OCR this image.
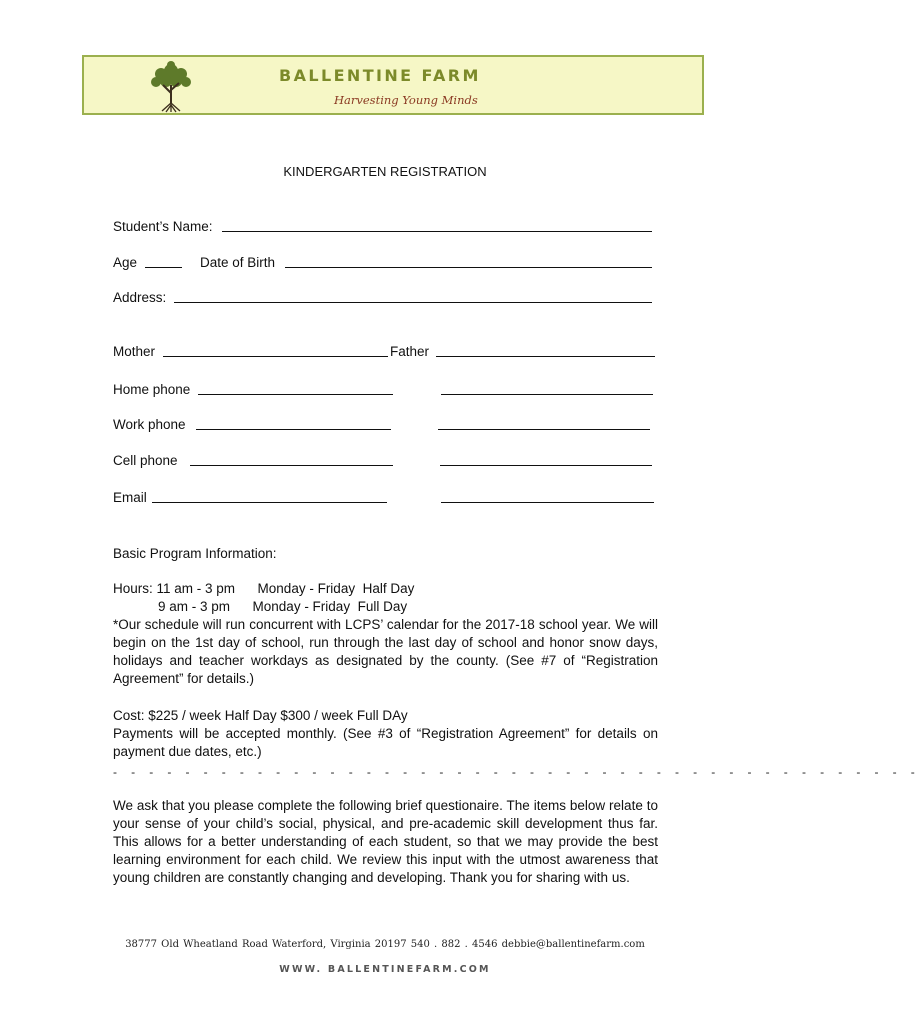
BALLENTINE FARM
Harvesting Young Minds
KINDERGARTEN REGISTRATION
Student’s Name:
Age	Date of Birth
Address:
Mother	Father
Home phone
Work phone
Cell phone
Email
Basic Program Information:
Hours: 11 am - 3 pm      Monday - Friday  Half Day
9 am - 3 pm      Monday - Friday  Full Day
*Our schedule will run concurrent with LCPS’ calendar for the 2017-18 school year. We will begin on the 1st day of school, run through the last day of school and honor snow days, holidays and teacher workdays as designated by the county. (See #7 of “Registration Agreement” for details.)
Cost: $225 / week Half Day $300 / week Full DAy
Payments will be accepted monthly. (See #3 of “Registration Agreement” for details on payment due dates, etc.)
- - - - - - - - - - - - - - - - - - - - - - - - - - - - - - - - - - - - - - - - - - - - -
We ask that you please complete the following brief questionaire. The items below relate to your sense of your child’s social, physical, and pre-academic skill development thus far. This allows for a better understanding of each student, so that we may provide the best learning environment for each child. We review this input with the utmost awareness that young children are constantly changing and developing. Thank you for sharing with us.
38777 Old Wheatland Road Waterford, Virginia 20197 540 . 882 . 4546 debbie@ballentinefarm.com
WWW. BALLENTINEFARM.COM
